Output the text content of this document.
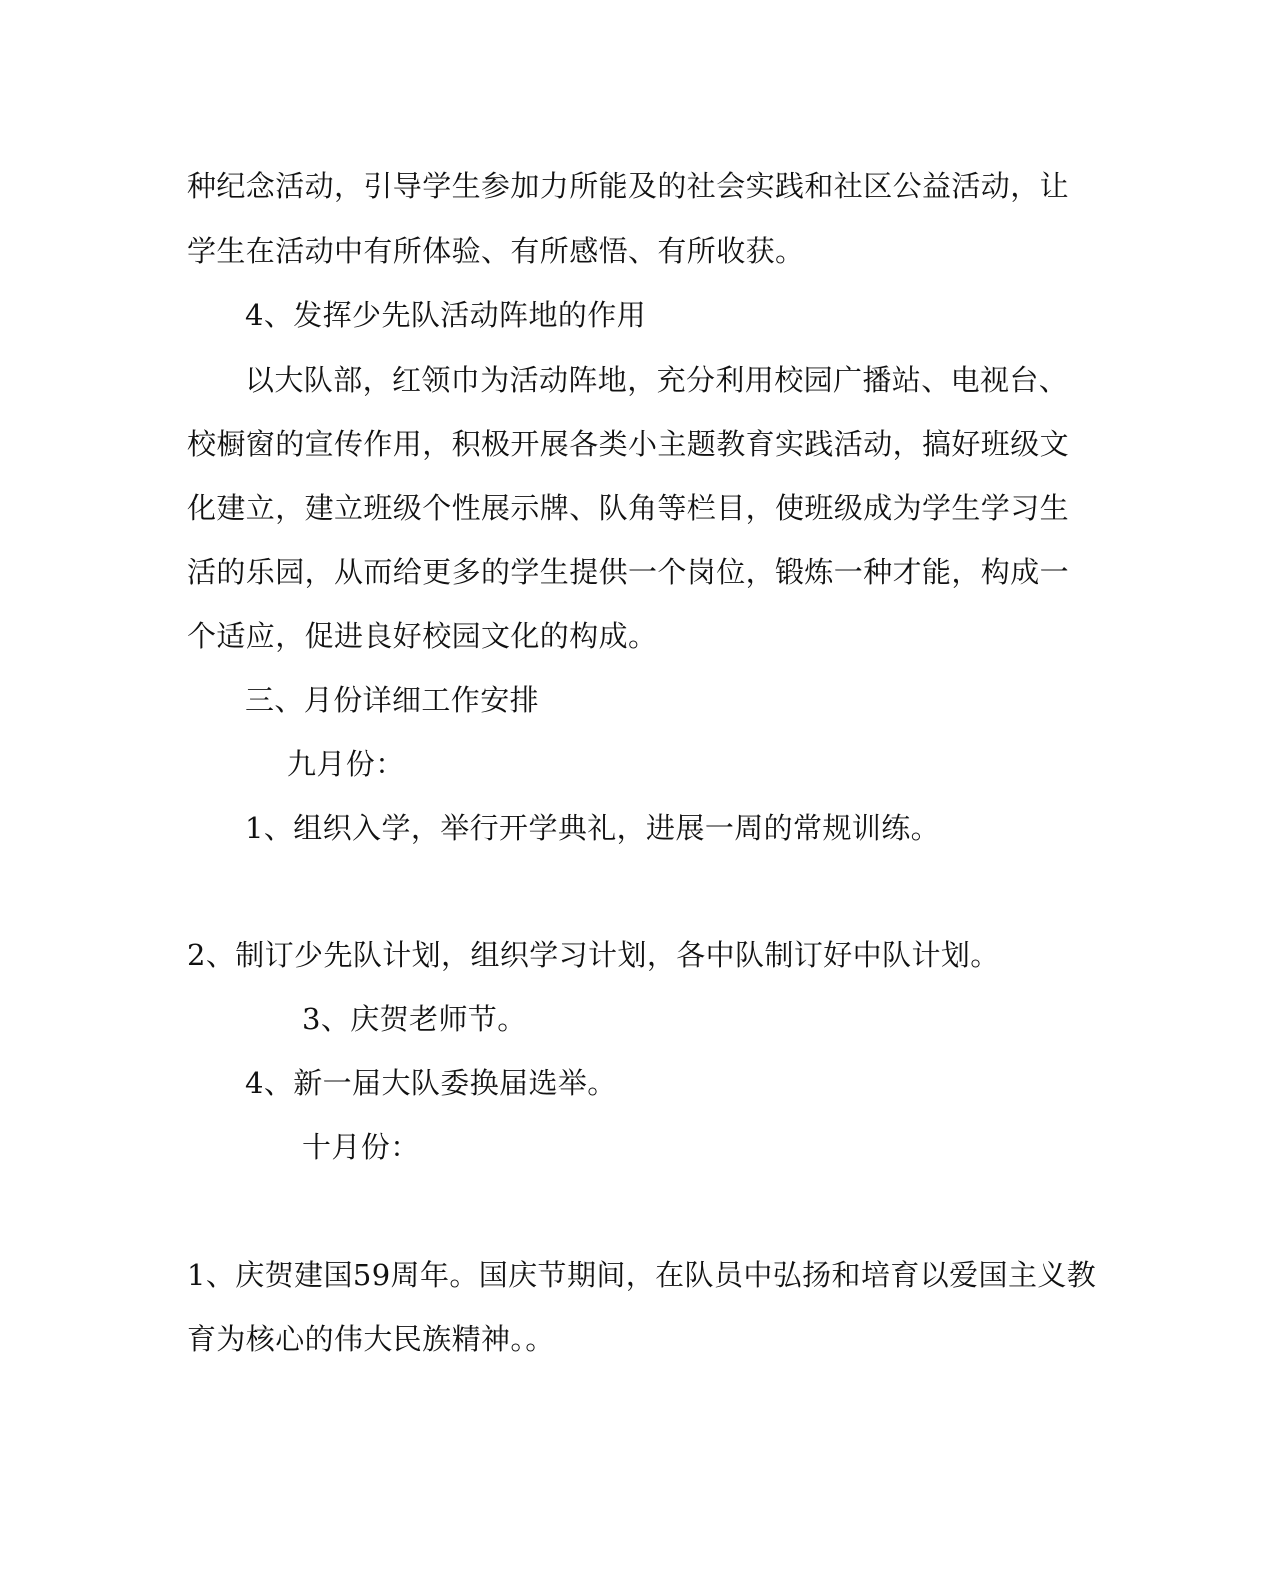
种纪念活动，引导学生参加力所能及的社会实践和社区公益活动，让
学生在活动中有所体验、有所感悟、有所收获。
4、发挥少先队活动阵地的作用
以大队部，红领巾为活动阵地，充分利用校园广播站、电视台、
校橱窗的宣传作用，积极开展各类小主题教育实践活动，搞好班级文
化建立，建立班级个性展示牌、队角等栏目，使班级成为学生学习生
活的乐园，从而给更多的学生提供一个岗位，锻炼一种才能，构成一
个适应，促进良好校园文化的构成。
三、月份详细工作安排
九月份：
1、组织入学，举行开学典礼，进展一周的常规训练。
2、制订少先队计划，组织学习计划，各中队制订好中队计划。
3、庆贺老师节。
4、新一届大队委换届选举。
十月份：
1、庆贺建国59周年。国庆节期间，在队员中弘扬和培育以爱国主义教
育为核心的伟大民族精神。。
